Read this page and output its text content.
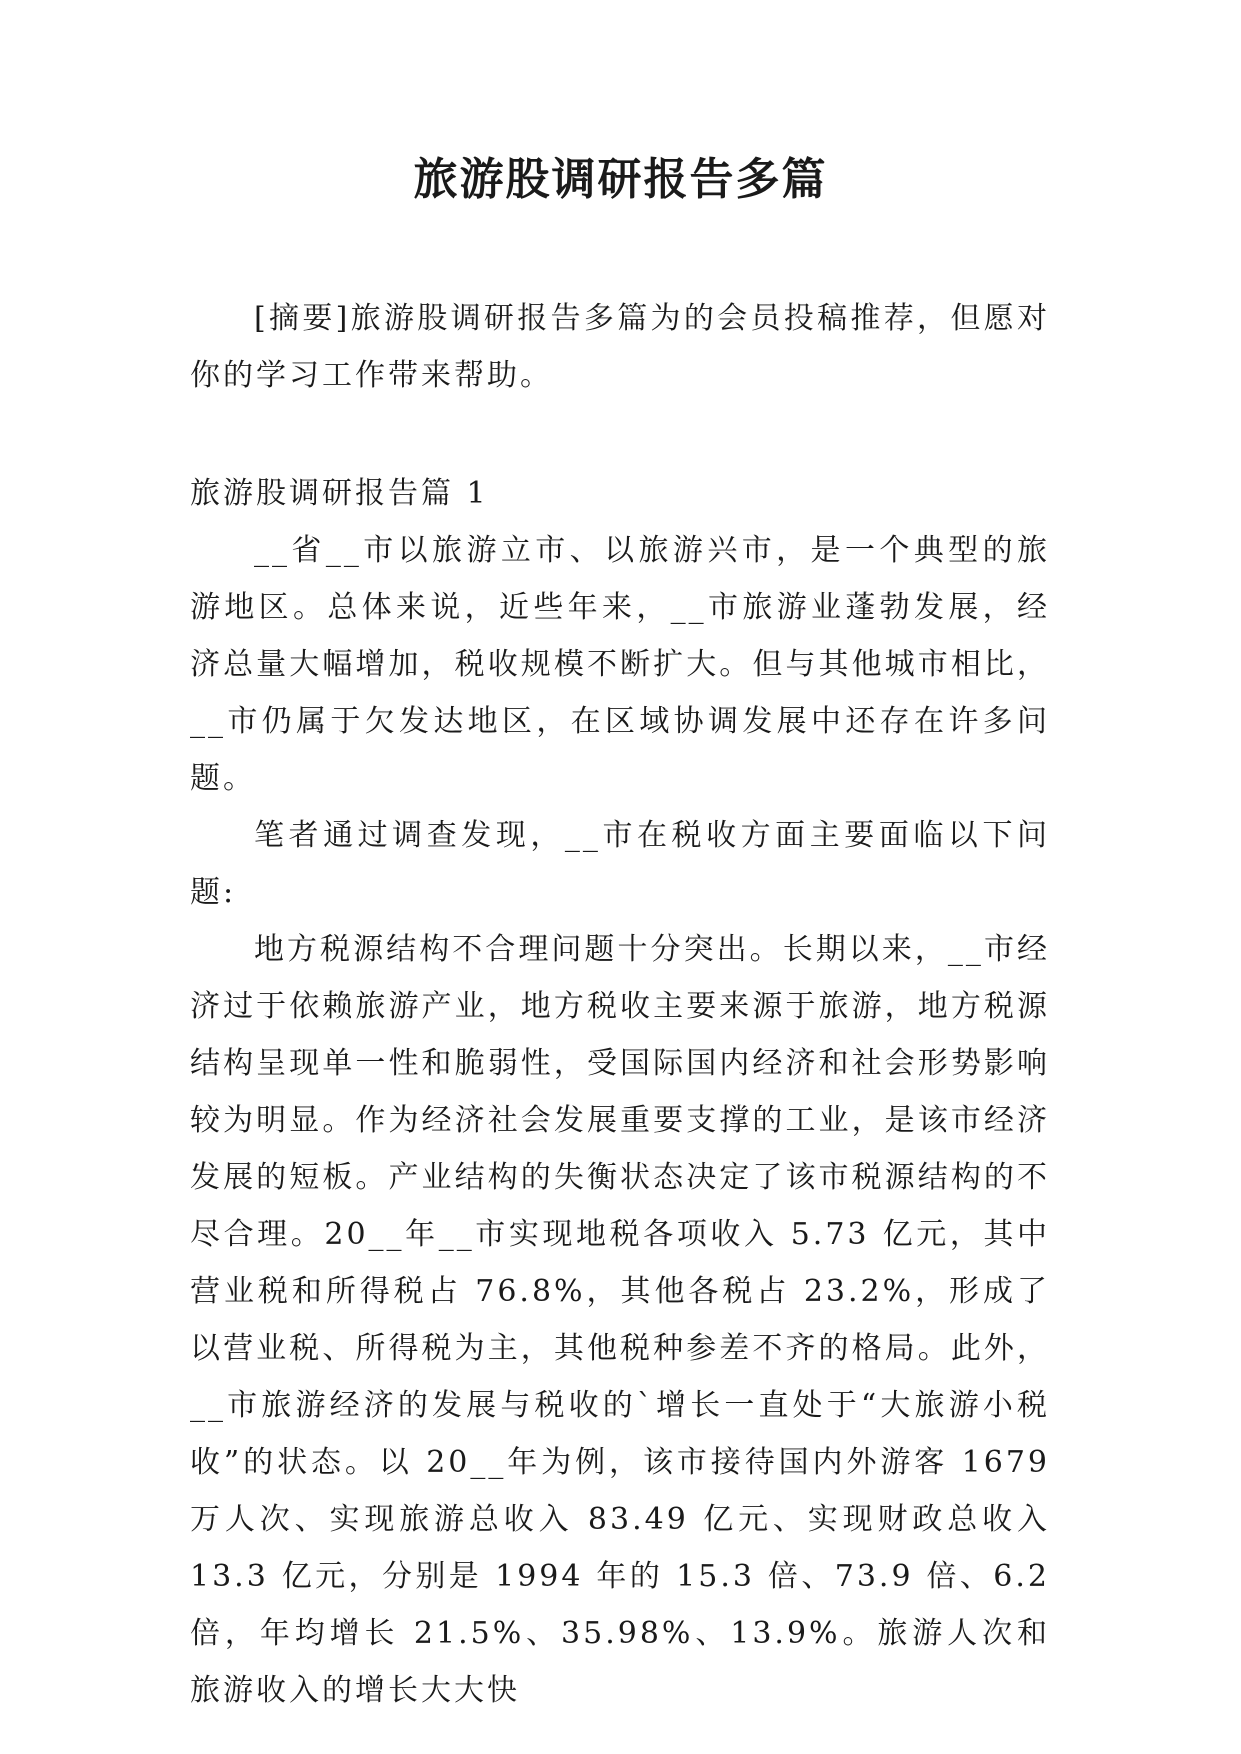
旅游股调研报告多篇

[摘要]旅游股调研报告多篇为的会员投稿推荐，但愿对你的学习工作带来帮助。

旅游股调研报告篇 1

__省__市以旅游立市、以旅游兴市，是一个典型的旅游地区。总体来说，近些年来，__市旅游业蓬勃发展，经济总量大幅增加，税收规模不断扩大。但与其他城市相比，__市仍属于欠发达地区，在区域协调发展中还存在许多问题。

笔者通过调查发现，__市在税收方面主要面临以下问题:

地方税源结构不合理问题十分突出。长期以来，__市经济过于依赖旅游产业，地方税收主要来源于旅游，地方税源结构呈现单一性和脆弱性，受国际国内经济和社会形势影响较为明显。作为经济社会发展重要支撑的工业，是该市经济发展的短板。产业结构的失衡状态决定了该市税源结构的不尽合理。20__年__市实现地税各项收入 5.73 亿元，其中营业税和所得税占 76.8%，其他各税占 23.2%，形成了以营业税、所得税为主，其他税种参差不齐的格局。此外，__市旅游经济的发展与税收的`增长一直处于“大旅游小税收”的状态。以 20__年为例，该市接待国内外游客 1679 万人次、实现旅游总收入 83.49 亿元、实现财政总收入 13.3 亿元，分别是 1994 年的 15.3 倍、73.9 倍、6.2 倍，年均增长 21.5%、35.98%、13.9%。旅游人次和旅游收入的增长大大快
